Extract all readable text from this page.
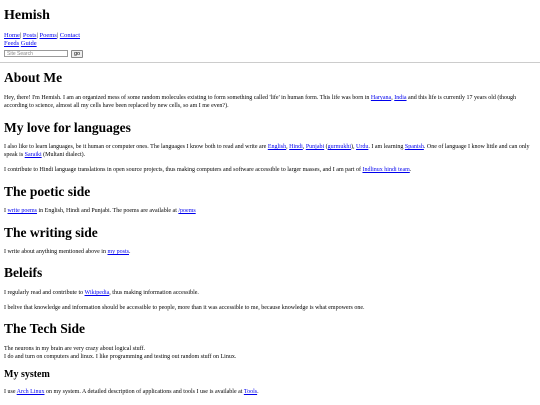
Hemish
Home| Posts| Poems| Contact
Feeds Guide
Site Search
go
About Me

Hey, there! I'm Hemish. I am an organized mess of some random molecules existing to form something called 'life' in human form. This life was born in Haryana, India and this life is currently 17 years old (though according to science, almost all my cells have been replaced by new cells, so am I me even?).

My love for languages

I also like to learn languages, be it human or computer ones. The languages I know both to read and write are English, Hindi, Punjabi (gurmukhi), Urdu. I am learning Spanish. One of language I know little and can only speak is Saraiki (Multani dialect).

I contribute to Hindi language translations in open source projects, thus making computers and software accessible to larger masses, and I am part of Indlinux hindi team.

The poetic side

I write poems in English, Hindi and Punjabi. The poems are available at /poems

The writing side

I write about anything mentioned above in my posts.

Beleifs

I regularly read and contribute to Wikipedia, thus making information accessible.

I belive that knowledge and information should be accessible to people, more than it was accessible to me, because knowledge is what empowers one.

The Tech Side

The neurons in my brain are very crazy about logical stuff.
I do and turn on computers and linux. I like programming and testing out random stuff on Linux.

My system

I use Arch Linux on my system. A detailed description of applications and tools I use is available at Tools.
